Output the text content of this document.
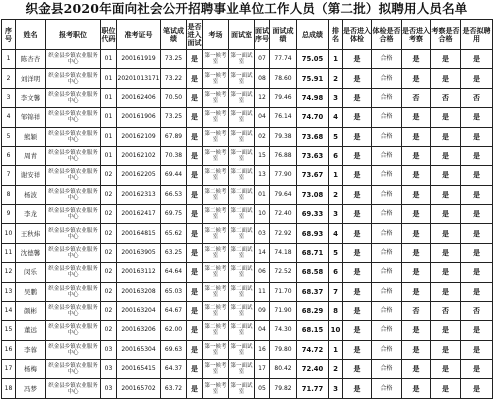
织金县2020年面向社会公开招聘事业单位工作人员（第二批）拟聘用人员名单
序号	姓名	报考职位	职位代码	准考证号	笔试成绩	是否进入面试	考场	面试室	面试序号	面试成绩	总成绩	排名	是否进入体检	体检是否合格	是否进入考察	考察是否合格	是否拟聘用
1	陈杏杏	织金县乡镇农业服务中心	01	200161919	73.25	是	第一候考室	第一面试室	07	77.74	75.05	1	是	合格	是	是	是
2	刘洋明	织金县乡镇农业服务中心	01	20201013171	73.22	是	第一候考室	第一面试室	08	78.60	75.91	2	是	合格	是	是	是
3	李文馨	织金县乡镇农业服务中心	01	200162406	70.50	是	第一候考室	第一面试室	12	79.46	74.98	3	是	合格	否	否	否
4	邹锦祥	织金县乡镇农业服务中心	01	200161906	73.25	是	第一候考室	第一面试室	04	76.14	74.70	4	是	合格	是	是	是
5	熊颖	织金县乡镇农业服务中心	01	200162109	67.89	是	第一候考室	第一面试室	02	79.38	73.68	5	是	合格	是	是	是
6	周青	织金县乡镇农业服务中心	01	200162102	70.38	是	第一候考室	第一面试室	15	76.88	73.63	6	是	合格	是	是	是
7	谢安祥	织金县乡镇农业服务中心	02	200162205	69.44	是	第二候考室	第二面试室	13	77.90	73.67	1	是	合格	是	是	是
8	杨波	织金县乡镇农业服务中心	02	200162313	66.53	是	第二候考室	第二面试室	01	79.64	73.08	2	是	合格	是	是	是
9	李龙	织金县乡镇农业服务中心	02	200162417	69.75	是	第二候考室	第二面试室	10	72.40	69.33	3	是	合格	是	是	是
10	王秋炜	织金县乡镇农业服务中心	02	200164815	65.62	是	第二候考室	第二面试室	03	72.92	68.93	4	是	合格	是	是	是
11	沈德馨	织金县乡镇农业服务中心	02	200163905	63.25	是	第二候考室	第二面试室	14	74.18	68.71	5	是	合格	是	是	是
12	闵乐	织金县乡镇农业服务中心	02	200163112	64.64	是	第二候考室	第二面试室	06	72.52	68.58	6	是	合格	是	是	是
13	吴鹏	织金县乡镇农业服务中心	02	200163208	65.03	是	第二候考室	第二面试室	11	71.70	68.37	7	是	合格	是	是	是
14	颜彬	织金县乡镇农业服务中心	02	200163204	64.67	是	第二候考室	第二面试室	09	71.90	68.29	8	是	合格	否	否	否
15	董远	织金县乡镇农业服务中心	02	200163206	62.00	是	第二候考室	第二面试室	04	74.30	68.15	10	是	合格	是	是	是
16	李蓉	织金县乡镇农业服务中心	03	200165304	69.63	是	第一候考室	第一面试室	16	79.80	74.72	1	是	合格	是	是	是
17	杨梅	织金县乡镇农业服务中心	03	200165415	64.37	是	第一候考室	第一面试室	17	80.42	72.40	2	是	合格	是	是	是
18	冯梦	织金县乡镇农业服务中心	03	200165702	63.72	是	第一候考室	第一面试室	05	79.82	71.77	3	是	合格	是	是	是
